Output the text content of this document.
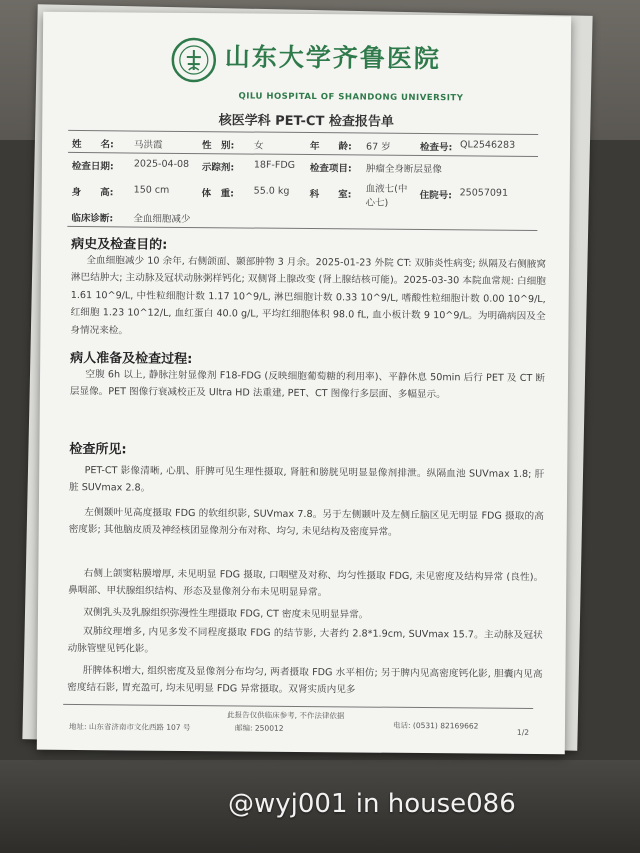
山东大学齐鲁医院
QILU HOSPITAL OF SHANDONG UNIVERSITY
核医学科 PET-CT 检查报告单
姓　　名: 马洪霞	性　别: 女	年　　龄: 67 岁	检查号: QL2546283
检查日期: 2025-04-08 示踪剂: 18F-FDG 检查项目: 肿瘤全身断层显像
身　　高: 150 cm	体　重: 55.0 kg 科　　室: 血液七(中
心七)
住院号: 25057091
临床诊断: 全血细胞减少
病史及检查目的:

全血细胞减少 10 余年, 右侧颌面、颞部肿物 3 月余。2025-01-23 外院 CT: 双肺炎性病变; 纵隔及右侧腋窝淋巴结肿大; 主动脉及冠状动脉粥样钙化; 双侧肾上腺改变 (肾上腺结核可能)。2025-03-30 本院血常规: 白细胞 1.61 10^9/L, 中性粒细胞计数 1.17 10^9/L, 淋巴细胞计数 0.33 10^9/L, 嗜酸性粒细胞计数 0.00 10^9/L, 红细胞 1.23 10^12/L, 血红蛋白 40.0 g/L, 平均红细胞体积 98.0 fL, 血小板计数 9 10^9/L。为明确病因及全身情况来检。

病人准备及检查过程:

空腹 6h 以上, 静脉注射显像剂 F18-FDG (反映细胞葡萄糖的利用率)、平静休息 50min 后行 PET 及 CT 断层显像。PET 图像行衰减校正及 Ultra HD 法重建, PET、CT 图像行多层面、多幅显示。

检查所见:

PET-CT 影像清晰, 心肌、肝脾可见生理性摄取, 肾脏和膀胱见明显显像剂排泄。纵隔血池 SUVmax 1.8; 肝脏 SUVmax 2.8。

左侧颞叶见高度摄取 FDG 的软组织影, SUVmax 7.8。另于左侧颞叶及左侧丘脑区见无明显 FDG 摄取的高密度影; 其他脑皮质及神经核团显像剂分布对称、均匀, 未见结构及密度异常。

右侧上颌窦粘膜增厚, 未见明显 FDG 摄取, 口咽壁及对称、均匀性摄取 FDG, 未见密度及结构异常 (良性)。鼻咽部、甲状腺组织结构、形态及显像剂分布未见明显异常。

双侧乳头及乳腺组织弥漫性生理摄取 FDG, CT 密度未见明显异常。

双肺纹理增多, 内见多发不同程度摄取 FDG 的结节影, 大者约 2.8*1.9cm, SUVmax 15.7。主动脉及冠状动脉管壁见钙化影。

肝脾体积增大, 组织密度及显像剂分布均匀, 两者摄取 FDG 水平相仿; 另于脾内见高密度钙化影, 胆囊内见高密度结石影, 胃充盈可, 均未见明显 FDG 异常摄取。双肾实质内见多

此报告仅供临床参考, 不作法律依据
地址: 山东省济南市文化西路 107 号	邮编: 250012	电话: (0531) 82169662
1/2
@wyj001 in house086
